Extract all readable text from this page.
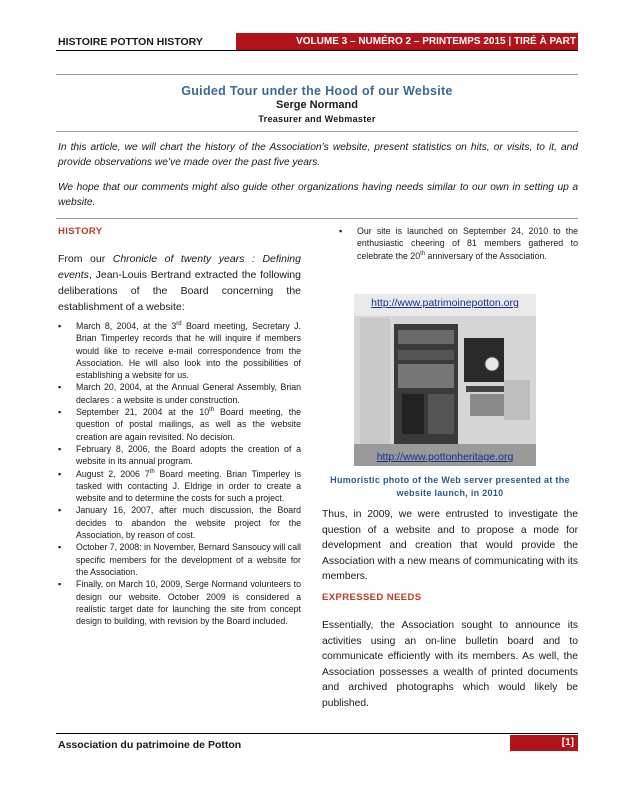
HISTOIRE POTTON HISTORY	VOLUME 3 – NUMÉRO 2 – PRINTEMPS 2015 | TIRÉ À PART
Guided Tour under the Hood of our Website
Serge Normand
Treasurer and Webmaster
In this article, we will chart the history of the Association’s website, present statistics on hits, or visits, to it, and provide observations we’ve made over the past five years.
We hope that our comments might also guide other organizations having needs similar to our own in setting up a website.
HISTORY
From our Chronicle of twenty years : Defining events, Jean-Louis Bertrand extracted the following deliberations of the Board concerning the establishment of a website:
▪ March 8, 2004, at the 3rd Board meeting, Secretary J. Brian Timperley records that he will inquire if members would like to receive e-mail correspondence from the Association. He will also look into the possibilities of establishing a website for us.
▪ March 20, 2004, at the Annual General Assembly, Brian declares : a website is under construction.
▪ September 21, 2004 at the 10th Board meeting, the question of postal mailings, as well as the website creation are again revisited. No decision.
▪ February 8, 2006, the Board adopts the creation of a website in its annual program.
▪ August 2, 2006 7th Board meeting. Brian Timperley is tasked with contacting J. Eldrige in order to create a website and to determine the costs for such a project.
▪ January 16, 2007, after much discussion, the Board decides to abandon the website project for the Association, by reason of cost.
▪ October 7, 2008: in November, Bernard Sansoucy will call specific members for the development of a website for the Association.
▪ Finally, on March 10, 2009, Serge Normand volunteers to design our website. October 2009 is considered a realistic target date for launching the site from concept design to building, with revision by the Board included.
▪ Our site is launched on September 24, 2010 to the enthusiastic cheering of 81 members gathered to celebrate the 20th anniversary of the Association.
http://www.patrimoinepotton.org
http://www.pottonheritage.org
Humoristic photo of the Web server presented at the website launch, in 2010
Thus, in 2009, we were entrusted to investigate the question of a website and to propose a mode for development and creation that would provide the Association with a new means of communicating with its members.
EXPRESSED NEEDS
Essentially, the Association sought to announce its activities using an on-line bulletin board and to communicate efficiently with its members. As well, the Association possesses a wealth of printed documents and archived photographs which would likely be published.
Association du patrimoine de Potton	[1]
